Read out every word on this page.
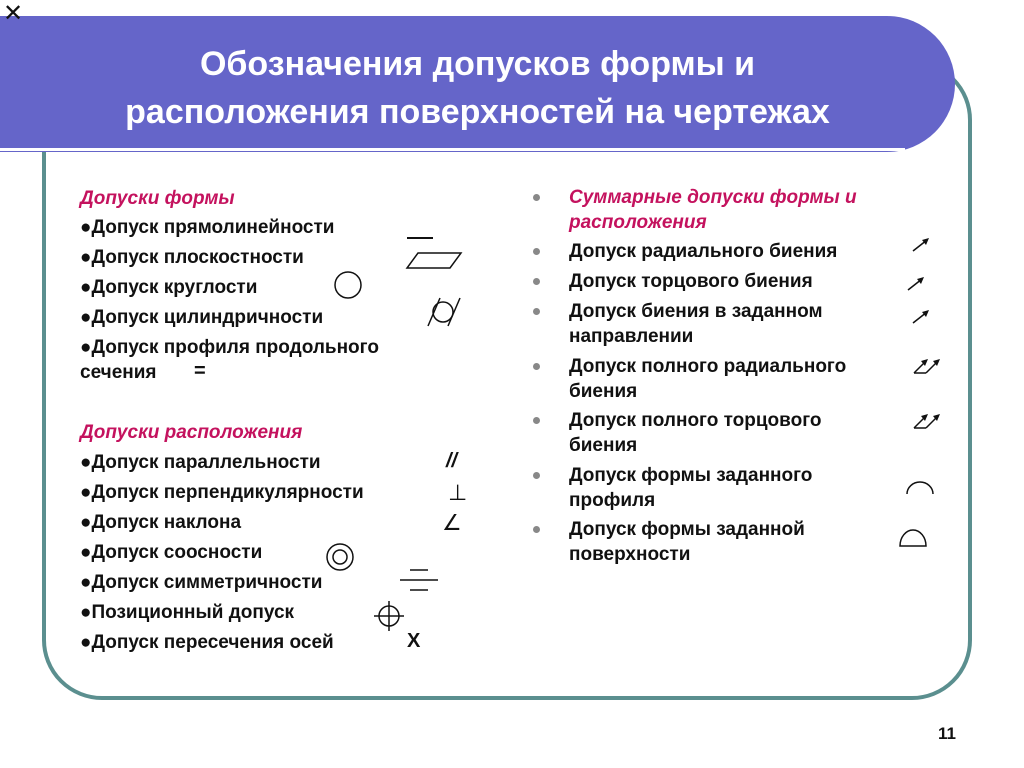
Обозначения допусков формы и
расположения поверхностей на чертежах
✕
Допуски формы
●Допуск прямолинейности
●Допуск плоскостности
●Допуск круглости
●Допуск цилиндричности
●Допуск профиля продольного
сечения
Допуски расположения
●Допуск параллельности
●Допуск перпендикулярности
●Допуск наклона
●Допуск соосности
●Допуск симметричности
●Позиционный допуск
●Допуск пересечения осей
=
//
⊥
∠
X
Суммарные допуски формы и
расположения
Допуск радиального биения
Допуск торцового биения
Допуск биения в заданном
направлении
Допуск полного радиального
биения
Допуск полного торцового
биения
Допуск формы заданного
профиля
Допуск формы заданной
поверхности
11
